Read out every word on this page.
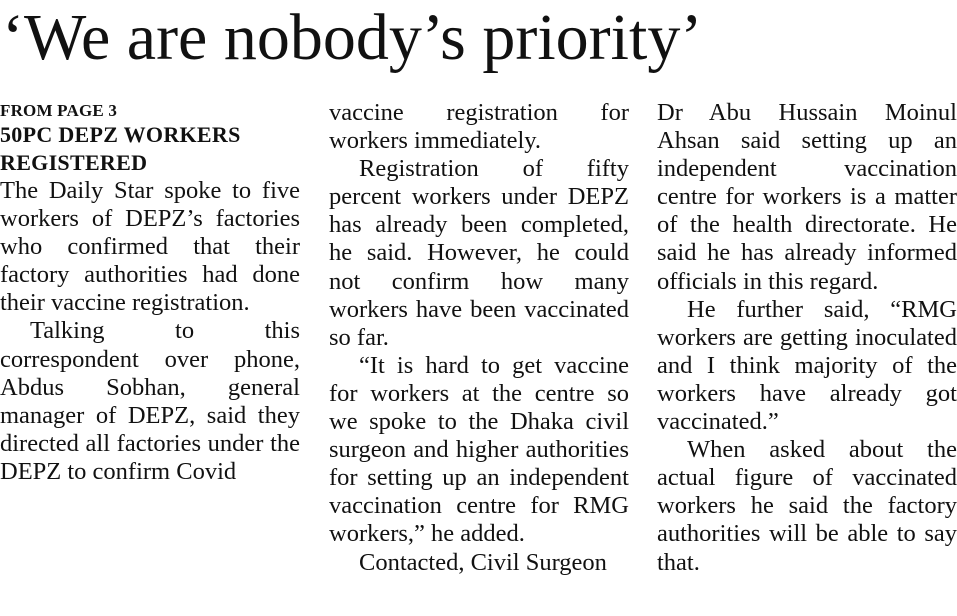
‘We are nobody’s priority’
FROM PAGE 3
50PC DEPZ WORKERS REGISTERED

The Daily Star spoke to five workers of DEPZ’s factories who confirmed that their factory authorities had done their vaccine registration.

Talking to this correspondent over phone, Abdus Sobhan, general manager of DEPZ, said they directed all factories under the DEPZ to confirm Covid

vaccine registration for workers immediately.

Registration of fifty percent workers under DEPZ has already been completed, he said. However, he could not confirm how many workers have been vaccinated so far.

“It is hard to get vaccine for workers at the centre so we spoke to the Dhaka civil surgeon and higher authorities for setting up an independent vaccination centre for RMG workers,” he added.

Contacted, Civil Surgeon

Dr Abu Hussain Moinul Ahsan said setting up an independent vaccination centre for workers is a matter of the health directorate. He said he has already informed officials in this regard.

He further said, “RMG workers are getting inoculated and I think majority of the workers have already got vaccinated.”

When asked about the actual figure of vaccinated workers he said the factory authorities will be able to say that.
